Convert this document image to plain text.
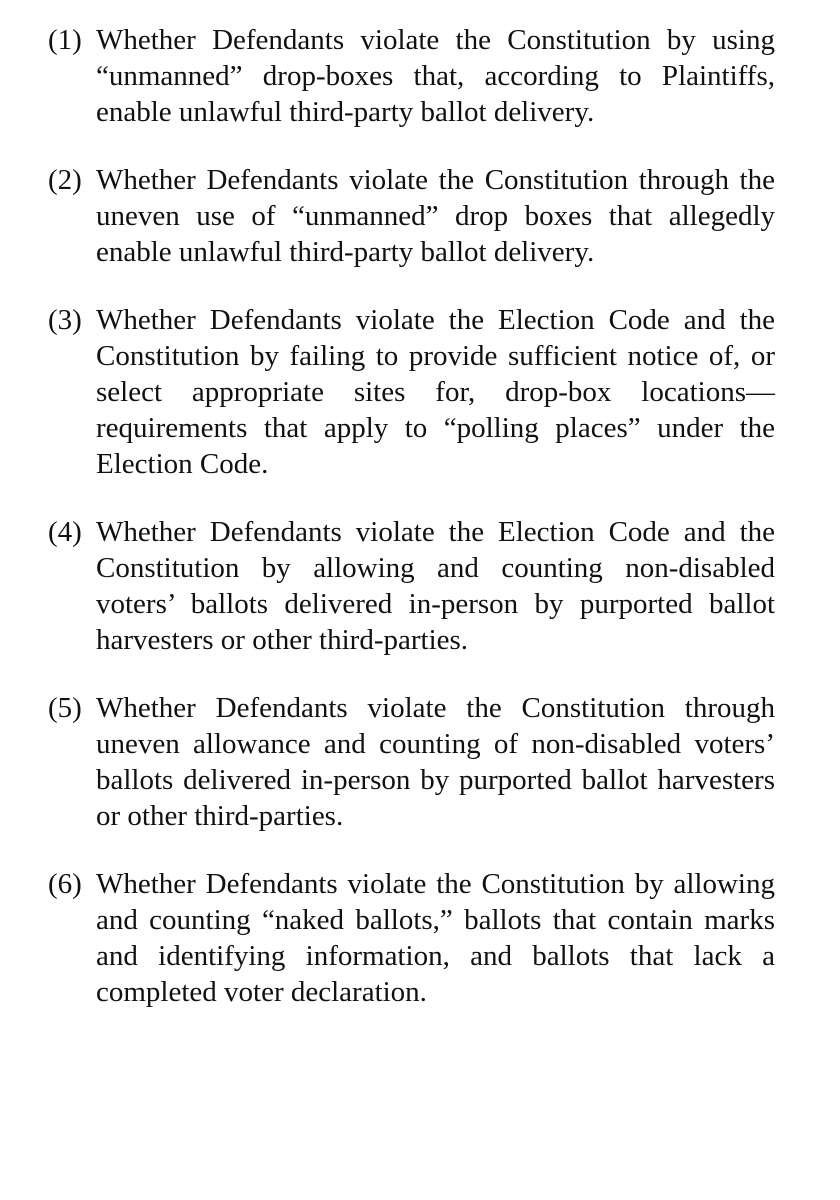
(1) Whether Defendants violate the Constitution by using “unmanned” drop-boxes that, according to Plaintiffs, enable unlawful third-party ballot delivery.
(2) Whether Defendants violate the Constitution through the uneven use of “unmanned” drop boxes that allegedly enable unlawful third-party ballot delivery.
(3) Whether Defendants violate the Election Code and the Constitution by failing to provide sufficient notice of, or select appropriate sites for, drop-box locations—requirements that apply to “polling places” under the Election Code.
(4) Whether Defendants violate the Election Code and the Constitution by allowing and counting non-disabled voters’ ballots delivered in-person by purported ballot harvesters or other third-parties.
(5) Whether Defendants violate the Constitution through uneven allowance and counting of non-disabled voters’ ballots delivered in-person by purported ballot harvesters or other third-parties.
(6) Whether Defendants violate the Constitution by allowing and counting “naked ballots,” ballots that contain marks and identifying information, and ballots that lack a completed voter declaration.
